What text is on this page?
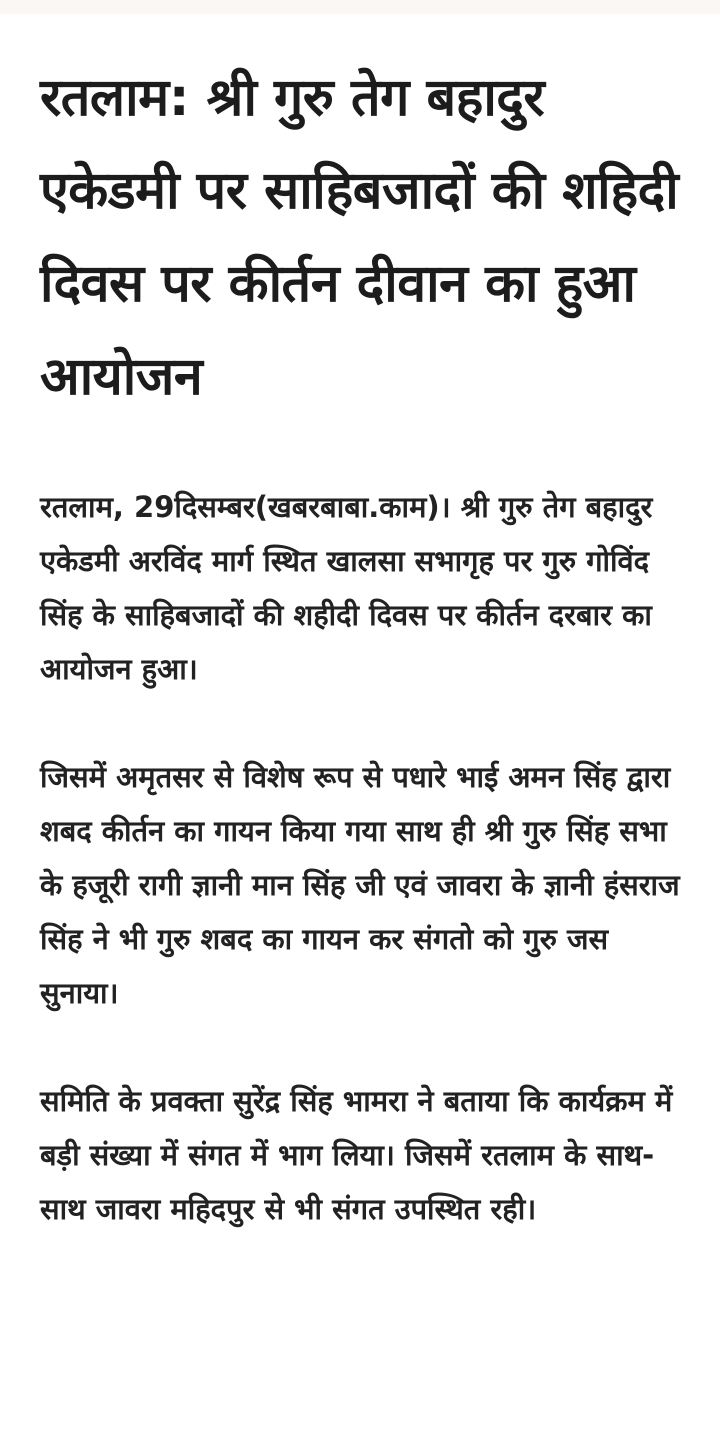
रतलाम: श्री गुरु तेग बहादुर एकेडमी पर साहिबजादों की शहिदी दिवस पर कीर्तन दीवान का हुआ आयोजन

रतलाम, 29दिसम्बर(खबरबाबा.काम)। श्री गुरु तेग बहादुर एकेडमी अरविंद मार्ग स्थित खालसा सभागृह पर गुरु गोविंद सिंह के साहिबजादों की शहीदी दिवस पर कीर्तन दरबार का आयोजन हुआ।

जिसमें अमृतसर से विशेष रूप से पधारे भाई अमन सिंह द्वारा शबद कीर्तन का गायन किया गया साथ ही श्री गुरु सिंह सभा के हजूरी रागी ज्ञानी मान सिंह जी एवं जावरा के ज्ञानी हंसराज सिंह ने भी गुरु शबद का गायन कर संगतो को गुरु जस सुनाया।

समिति के प्रवक्ता सुरेंद्र सिंह भामरा ने बताया कि कार्यक्रम में बड़ी संख्या में संगत में भाग लिया। जिसमें रतलाम के साथ-साथ जावरा महिदपुर से भी संगत उपस्थित रही।
